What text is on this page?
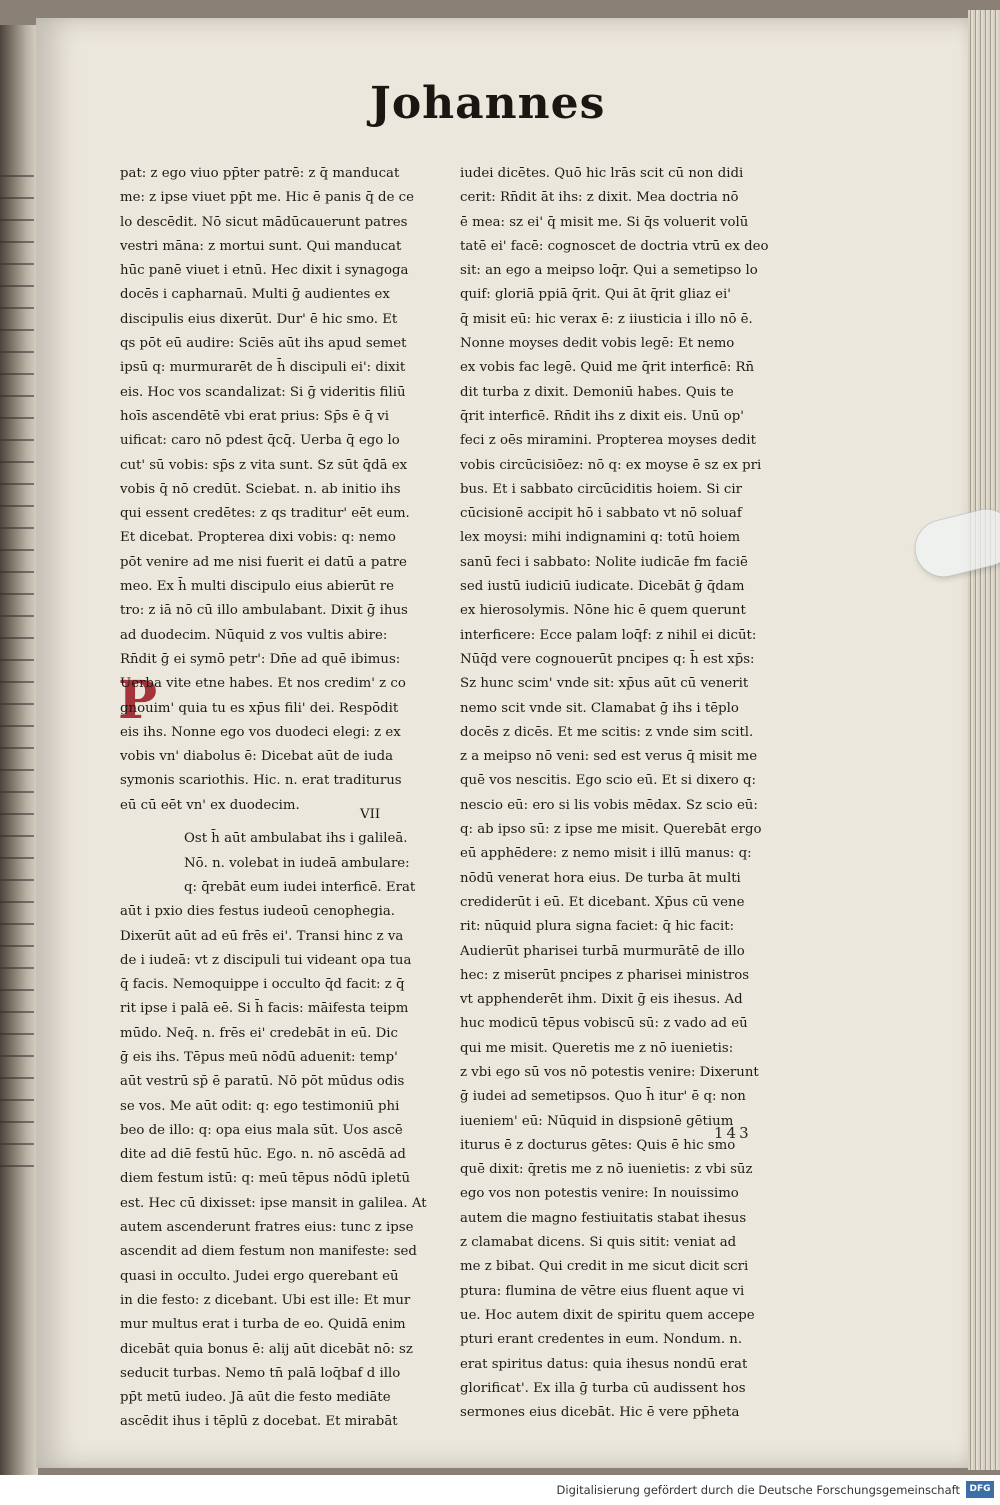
Johannes
P
pat: z ego viuo pp̄ter patrē: z q̄ manducat
me: z ipse viuet pp̄t me. Hic ē panis q̄ de ce
lo descēdit. Nō sicut mādūcauerunt patres
vestri māna: z mortui sunt. Qui manducat
hūc panē viuet i etnū. Hec dixit i synagoga
docēs i capharnaū. Multi ḡ audientes ex
discipulis eius dixerūt. Dur' ē hic smo. Et
qs pōt eū audire: Sciēs aūt ihs apud semet
ipsū q: murmurarēt de h̄ discipuli ei': dixit
eis. Hoc vos scandalizat: Si ḡ videritis filiū
hoīs ascendētē vbi erat prius: Sp̄s ē q̄ vi
uificat: caro nō pdest q̄cq̄. Uerba q̄ ego lo
cut' sū vobis: sp̄s z vita sunt. Sz sūt q̄dā ex
vobis q̄ nō credūt. Sciebat. n. ab initio ihs
qui essent credētes: z qs traditur' eēt eum.
Et dicebat. Propterea dixi vobis: q: nemo
pōt venire ad me nisi fuerit ei datū a patre
meo. Ex h̄ multi discipulo eius abierūt re
tro: z iā nō cū illo ambulabant. Dixit ḡ ihus
ad duodecim. Nūquid z vos vultis abire:
Rn̄dit ḡ ei symō petr': Dn̄e ad quē ibimus:
Uerba vite etne habes. Et nos credim' z co
gnouim' quia tu es xp̄us fili' dei. Respōdit
eis ihs. Nonne ego vos duodeci elegi: z ex
vobis vn' diabolus ē: Dicebat aūt de iuda
symonis scariothis. Hic. n. erat traditurus
eū cū eēt vn' ex duodecim.VII

Ost h̄ aūt ambulabat ihs i galileā.
Nō. n. volebat in iudeā ambulare:
q: q̄rebāt eum iudei interficē. Erat
aūt i pxio dies festus iudeoū cenophegia.
Dixerūt aūt ad eū frēs ei'. Transi hinc z va
de i iudeā: vt z discipuli tui videant opa tua
q̄ facis. Nemoquippe i occulto q̄d facit: z q̄
rit ipse i palā eē. Si h̄ facis: māifesta teipm
mūdo. Neq̄. n. frēs ei' credebāt in eū. Dic
ḡ eis ihs. Tēpus meū nōdū aduenit: temp'
aūt vestrū sp̄ ē paratū. Nō pōt mūdus odis
se vos. Me aūt odit: q: ego testimoniū phi
beo de illo: q: opa eius mala sūt. Uos ascē
dite ad diē festū hūc. Ego. n. nō ascēdā ad
diem festum istū: q: meū tēpus nōdū ipletū
est. Hec cū dixisset: ipse mansit in galilea. At
autem ascenderunt fratres eius: tunc z ipse
ascendit ad diem festum non manifeste: sed
quasi in occulto. Judei ergo querebant eū
in die festo: z dicebant. Ubi est ille: Et mur
mur multus erat i turba de eo. Quidā enim
dicebāt quia bonus ē: alij aūt dicebāt nō: sz
seducit turbas. Nemo tn̄ palā loq̄baf d illo
pp̄t metū iudeo. Jā aūt die festo mediāte
ascēdit ihus i tēplū z docebat. Et mirabāt
iudei dicētes. Quō hic lrās scit cū non didi
cerit: Rn̄dit āt ihs: z dixit. Mea doctria nō
ē mea: sz ei' q̄ misit me. Si q̄s voluerit volū
tatē ei' facē: cognoscet de doctria vtrū ex deo
sit: an ego a meipso loq̄r. Qui a semetipso lo
quif: gloriā ppiā q̄rit. Qui āt q̄rit gliaz ei'
q̄ misit eū: hic verax ē: z iiusticia i illo nō ē.
Nonne moyses dedit vobis legē: Et nemo
ex vobis fac legē. Quid me q̄rit interficē: Rn̄
dit turba z dixit. Demoniū habes. Quis te
q̄rit interficē. Rn̄dit ihs z dixit eis. Unū op'
feci z oēs miramini. Propterea moyses dedit
vobis circūcisiōez: nō q: ex moyse ē sz ex pri
bus. Et i sabbato circūciditis hoiem. Si cir
cūcisionē accipit hō i sabbato vt nō soluaf
lex moysi: mihi indignamini q: totū hoiem
sanū feci i sabbato: Nolite iudicāe fm faciē
sed iustū iudiciū iudicate. Dicebāt ḡ q̄dam
ex hierosolymis. Nōne hic ē quem querunt
interficere: Ecce palam loq̄f: z nihil ei dicūt:
Nūq̄d vere cognouerūt pncipes q: h̄ est xp̄s:
Sz hunc scim' vnde sit: xp̄us aūt cū venerit
nemo scit vnde sit. Clamabat ḡ ihs i tēplo
docēs z dicēs. Et me scitis: z vnde sim scitl.
z a meipso nō veni: sed est verus q̄ misit me
quē vos nescitis. Ego scio eū. Et si dixero q:
nescio eū: ero si lis vobis mēdax. Sz scio eū:
q: ab ipso sū: z ipse me misit. Querebāt ergo
eū apphēdere: z nemo misit i illū manus: q:
nōdū venerat hora eius. De turba āt multi
crediderūt i eū. Et dicebant. Xp̄us cū vene
rit: nūquid plura signa faciet: q̄ hic facit:
Audierūt pharisei turbā murmurātē de illo
hec: z miserūt pncipes z pharisei ministros
vt apphenderēt ihm. Dixit ḡ eis ihesus. Ad
huc modicū tēpus vobiscū sū: z vado ad eū
qui me misit. Queretis me z nō iuenietis:
z vbi ego sū vos nō potestis venire: Dixerunt
ḡ iudei ad semetipsos. Quo h̄ itur' ē q: non
iueniem' eū: Nūquid in dispsionē gētium
iturus ē z docturus gētes: Quis ē hic smo
quē dixit: q̄retis me z nō iuenietis: z vbi sūz
ego vos non potestis venire: In nouissimo
autem die magno festiuitatis stabat ihesus
z clamabat dicens. Si quis sitit: veniat ad
me z bibat. Qui credit in me sicut dicit scri
ptura: flumina de vētre eius fluent aque vi
ue. Hoc autem dixit de spiritu quem accepe
pturi erant credentes in eum. Nondum. n.
erat spiritus datus: quia ihesus nondū erat
glorificat'. Ex illa ḡ turba cū audissent hos
sermones eius dicebāt. Hic ē vere pp̄heta
143
Digitalisierung gefördert durch die Deutsche Forschungsgemeinschaft	DFG
